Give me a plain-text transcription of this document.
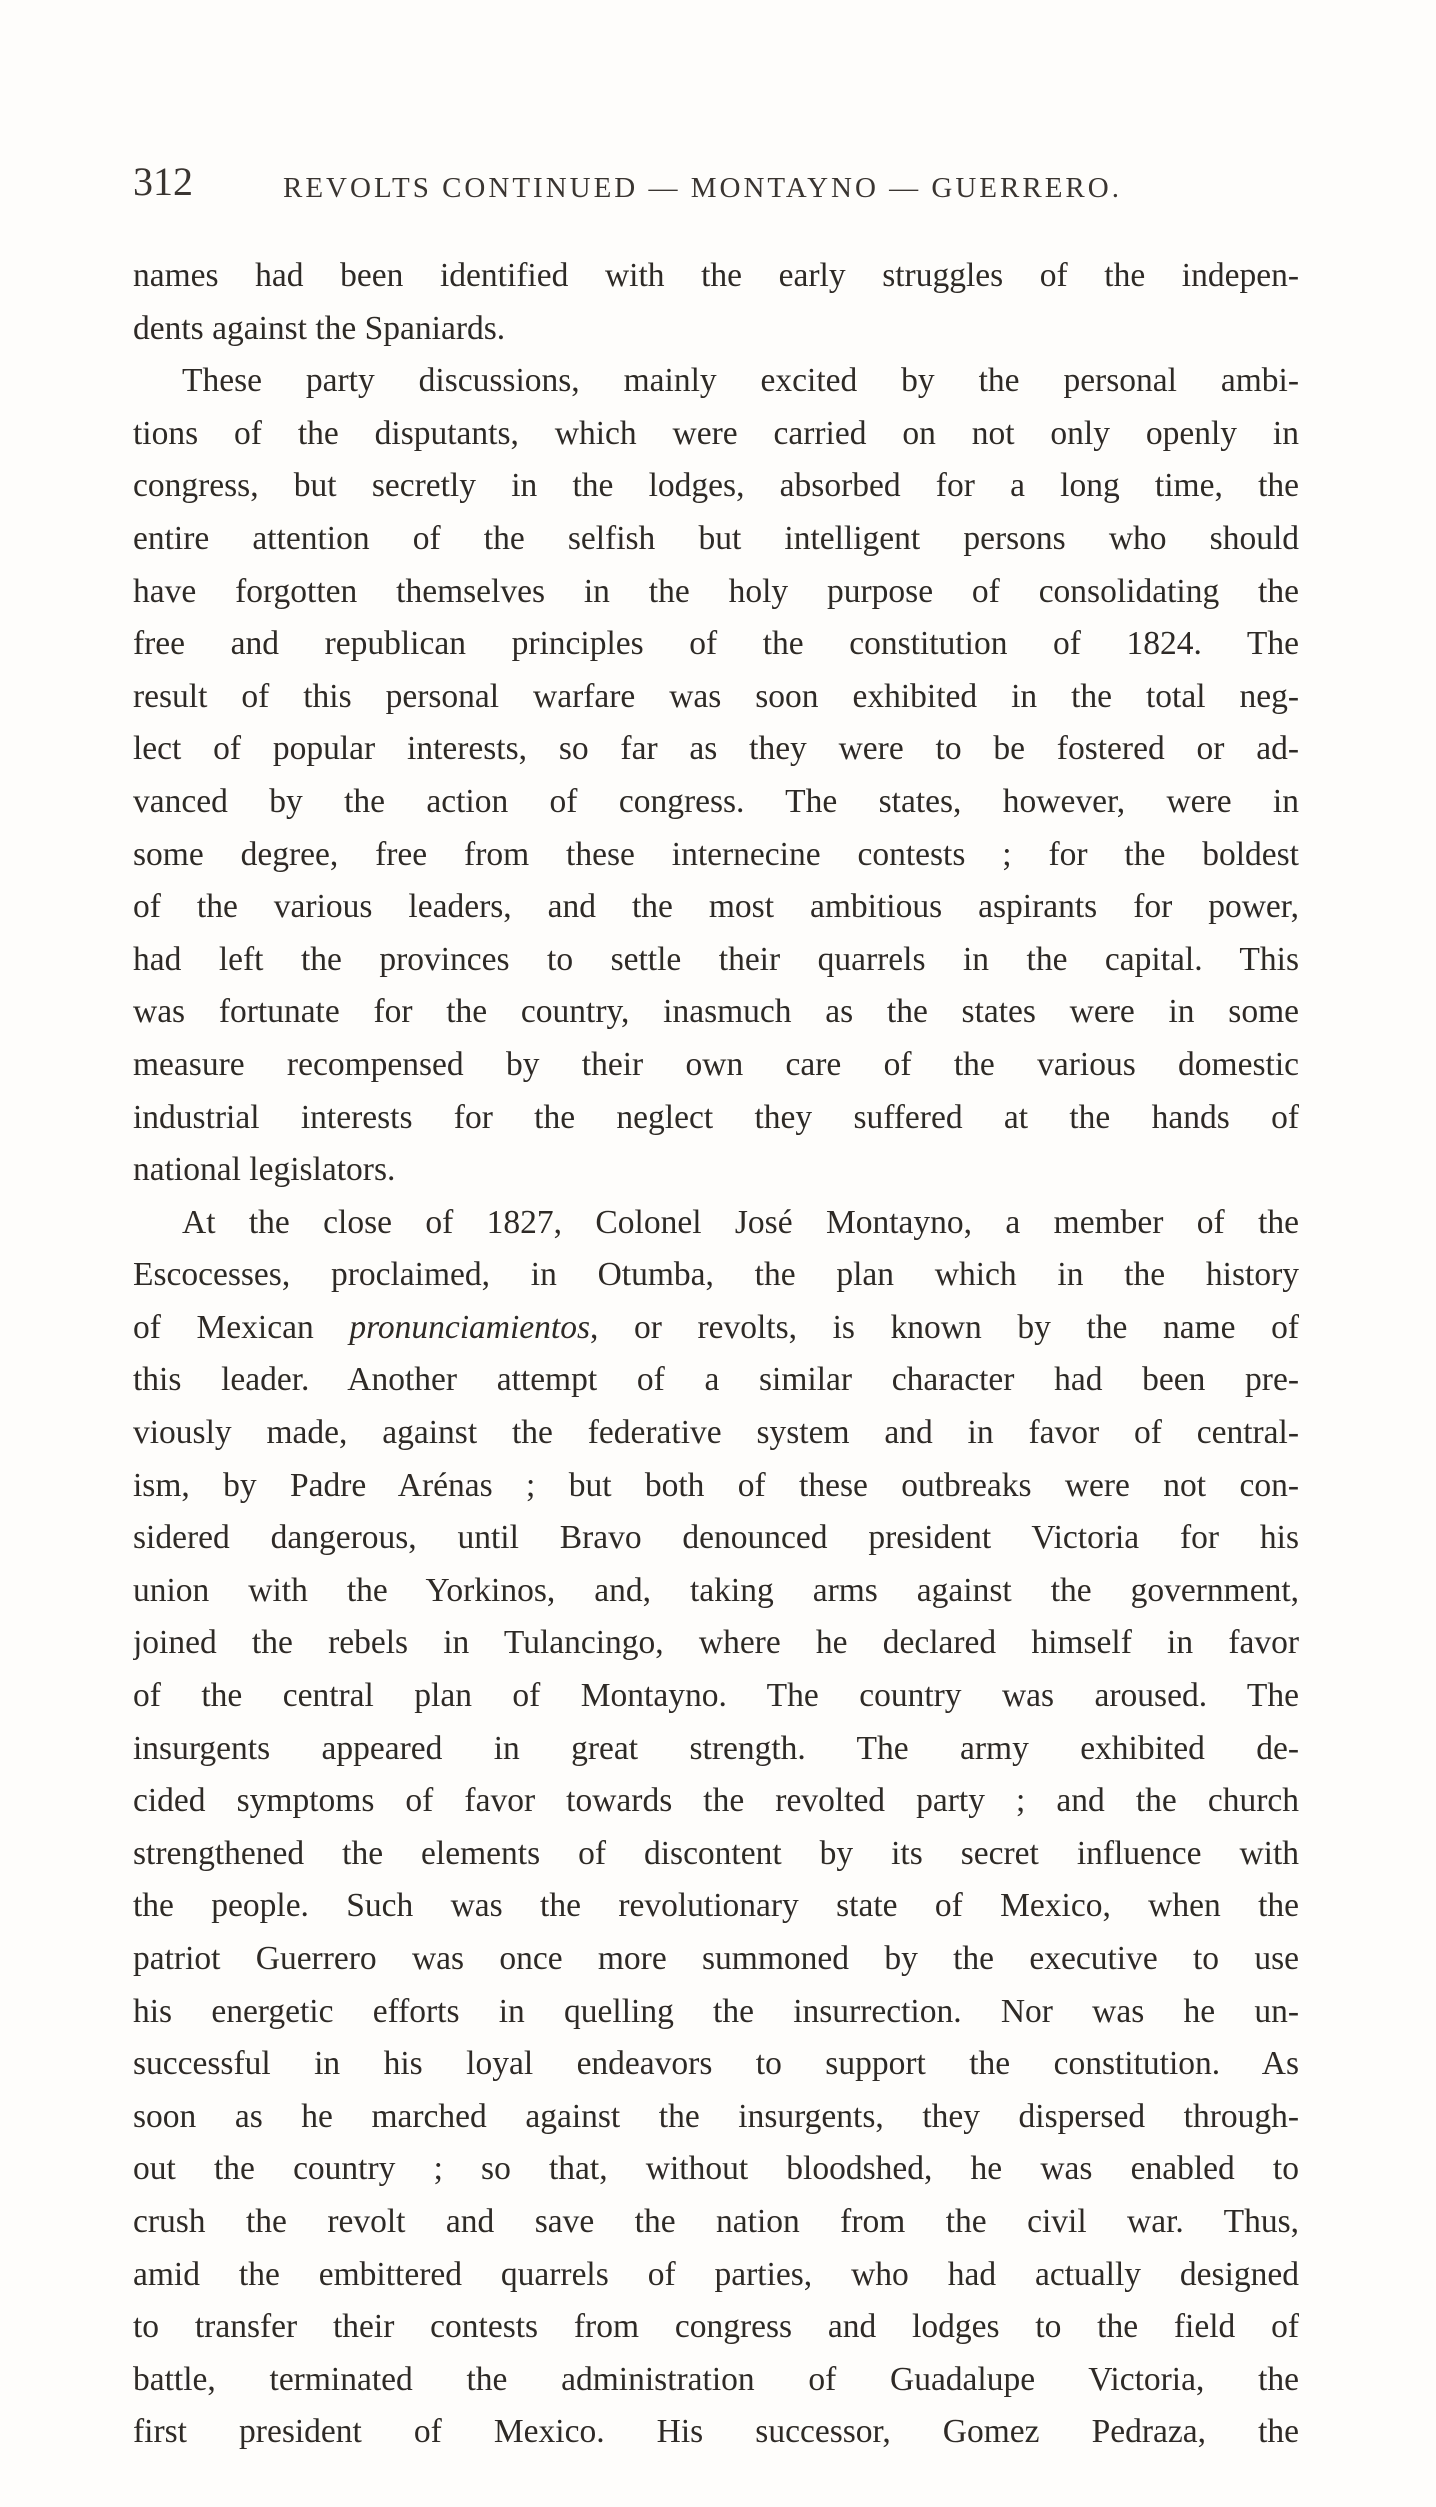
312	REVOLTS CONTINUED — MONTAYNO — GUERRERO.
names had been identified with the early struggles of the indepen-
dents against the Spaniards.
These party discussions, mainly excited by the personal ambi-
tions of the disputants, which were carried on not only openly in
congress, but secretly in the lodges, absorbed for a long time, the
entire attention of the selfish but intelligent persons who should
have forgotten themselves in the holy purpose of consolidating the
free and republican principles of the constitution of 1824. The
result of this personal warfare was soon exhibited in the total neg-
lect of popular interests, so far as they were to be fostered or ad-
vanced by the action of congress. The states, however, were in
some degree, free from these internecine contests ; for the boldest
of the various leaders, and the most ambitious aspirants for power,
had left the provinces to settle their quarrels in the capital. This
was fortunate for the country, inasmuch as the states were in some
measure recompensed by their own care of the various domestic
industrial interests for the neglect they suffered at the hands of
national legislators.
At the close of 1827, Colonel José Montayno, a member of the
Escocesses, proclaimed, in Otumba, the plan which in the history
of Mexican pronunciamientos, or revolts, is known by the name of
this leader. Another attempt of a similar character had been pre-
viously made, against the federative system and in favor of central-
ism, by Padre Arénas ; but both of these outbreaks were not con-
sidered dangerous, until Bravo denounced president Victoria for his
union with the Yorkinos, and, taking arms against the government,
joined the rebels in Tulancingo, where he declared himself in favor
of the central plan of Montayno. The country was aroused. The
insurgents appeared in great strength. The army exhibited de-
cided symptoms of favor towards the revolted party ; and the church
strengthened the elements of discontent by its secret influence with
the people. Such was the revolutionary state of Mexico, when the
patriot Guerrero was once more summoned by the executive to use
his energetic efforts in quelling the insurrection. Nor was he un-
successful in his loyal endeavors to support the constitution. As
soon as he marched against the insurgents, they dispersed through-
out the country ; so that, without bloodshed, he was enabled to
crush the revolt and save the nation from the civil war. Thus,
amid the embittered quarrels of parties, who had actually designed
to transfer their contests from congress and lodges to the field of
battle, terminated the administration of Guadalupe Victoria, the
first president of Mexico. His successor, Gomez Pedraza, the
